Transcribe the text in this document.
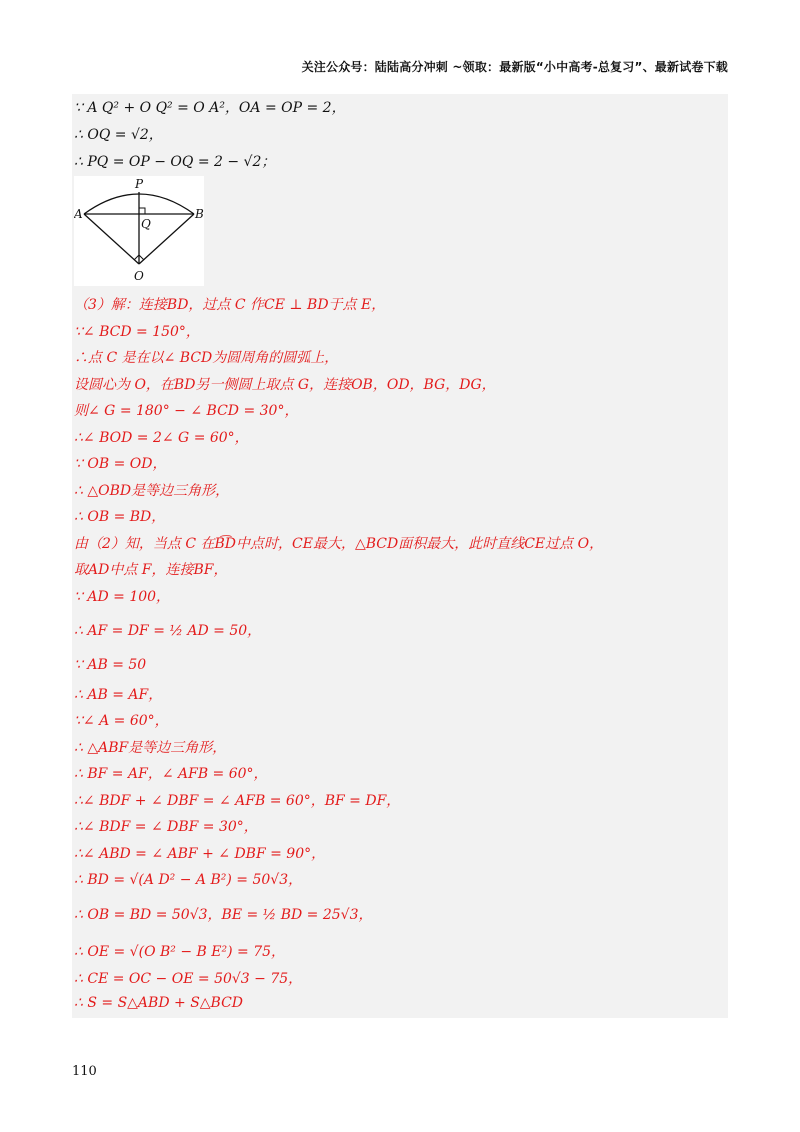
关注公众号：陆陆高分冲刺 ~领取：最新版“小中高考-总复习”、最新试卷下载
∵ A Q² + O Q² = O A²，OA = OP = 2，
∴ OQ = √2，
∴ PQ = OP − OQ = 2 − √2；
（3）解：连接BD，过点 C 作CE ⊥ BD于点 E，
∵∠ BCD = 150°，
∴点 C 是在以∠ BCD为圆周角的圆弧上，
设圆心为 O，在BD另一侧圆上取点 G，连接OB，OD，BG，DG，
则∠ G = 180° − ∠ BCD = 30°，
∴∠ BOD = 2∠ G = 60°，
∵ OB = OD，
∴ △OBD是等边三角形，
∴ OB = BD，
由（2）知，当点 C 在B͡D中点时，CE最大，△BCD面积最大，此时直线CE过点 O，
取AD中点 F，连接BF，
∵ AD = 100，
∴ AF = DF = ½ AD = 50，
∵ AB = 50
∴ AB = AF，
∵∠ A = 60°，
∴ △ABF是等边三角形，
∴ BF = AF，∠ AFB = 60°，
∴∠ BDF + ∠ DBF = ∠ AFB = 60°，BF = DF，
∴∠ BDF = ∠ DBF = 30°，
∴∠ ABD = ∠ ABF + ∠ DBF = 90°，
∴ BD = √(A D² − A B²) = 50√3，
∴ OB = BD = 50√3，BE = ½ BD = 25√3，
∴ OE = √(O B² − B E²) = 75，
∴ CE = OC − OE = 50√3 − 75，
∴ S = S△ABD + S△BCD
P
A	B
Q
O
110
